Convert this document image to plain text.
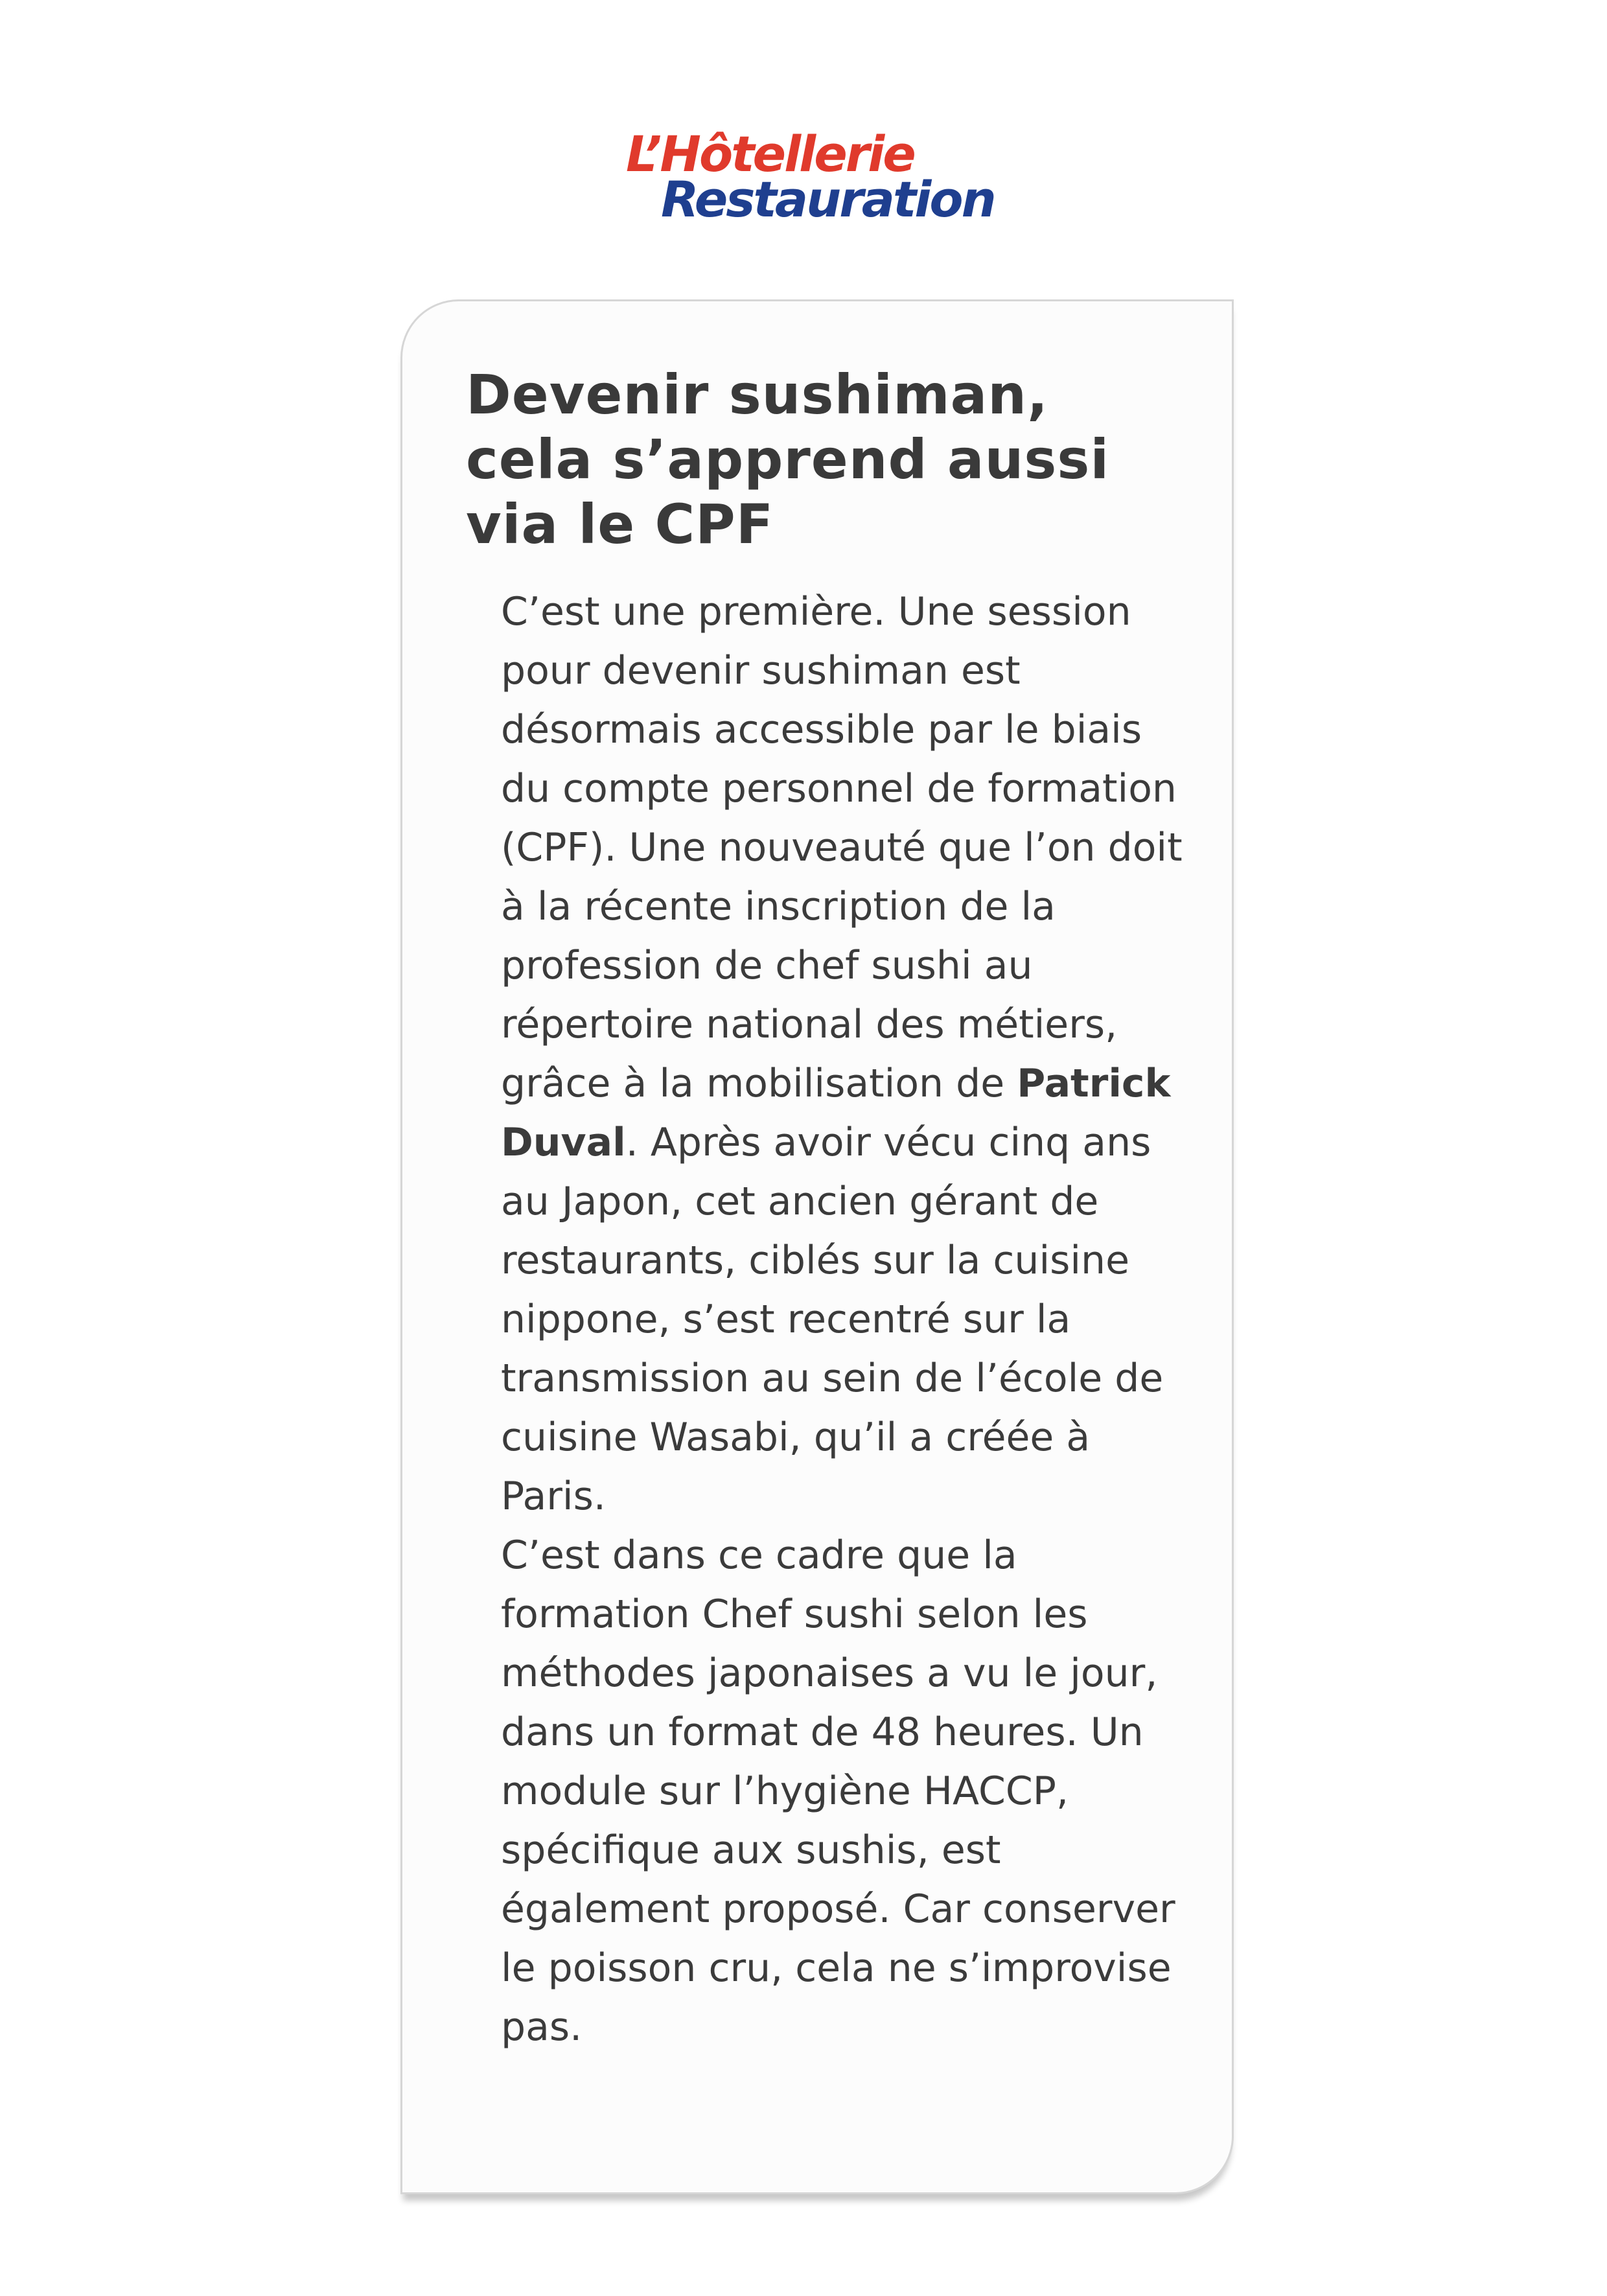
L’Hôtellerie
Restauration
Devenir sushiman, cela s’apprend aussi via le CPF

C’est une première. Une session pour devenir sushiman est désormais accessible par le biais du compte personnel de formation (CPF). Une nouveauté que l’on doit à la récente inscription de la profession de chef sushi au répertoire national des métiers, grâce à la mobilisation de Patrick Duval. Après avoir vécu cinq ans au Japon, cet ancien gérant de restaurants, ciblés sur la cuisine nippone, s’est recentré sur la transmission au sein de l’école de cuisine Wasabi, qu’il a créée à Paris.

C’est dans ce cadre que la formation Chef sushi selon les méthodes japonaises a vu le jour, dans un format de 48 heures. Un module sur l’hygiène HACCP, spécifique aux sushis, est également proposé. Car conserver le poisson cru, cela ne s’improvise pas.
